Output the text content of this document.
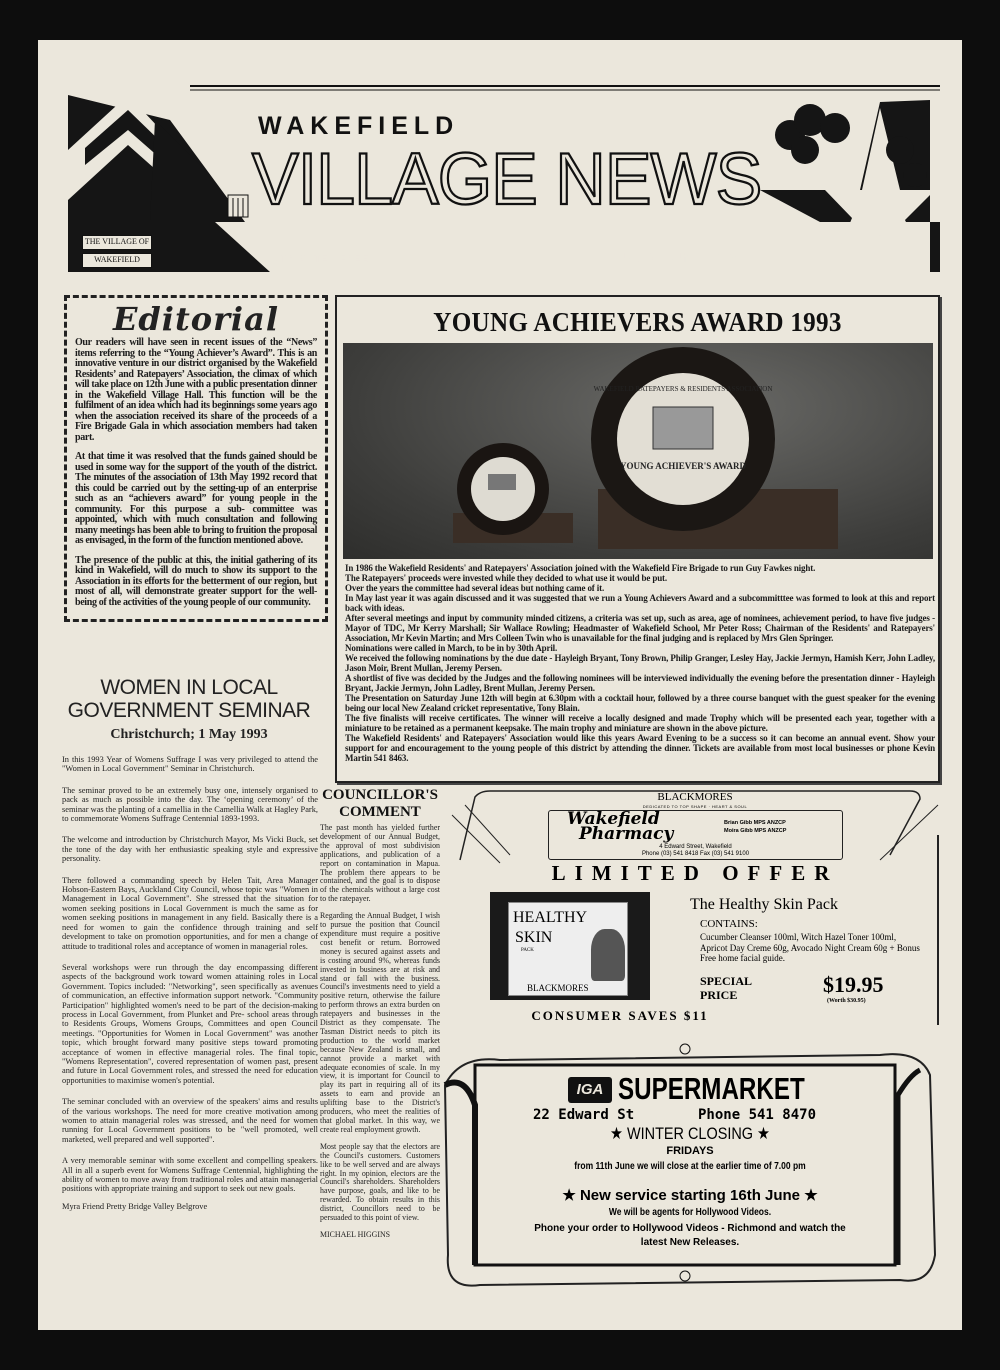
WAKEFIELD
VILLAGE NEWS
THE VILLAGE OF
WAKEFIELD	DISTRIBUTED FREE	No. 94 JUNE 1993
Editorial

Our readers will have seen in recent issues of the “News” items referring to the “Young Achiever’s Award”. This is an innovative venture in our district organised by the Wakefield Residents’ and Ratepayers’ Association, the climax of which will take place on 12th June with a public presentation dinner in the Wakefield Village Hall. This function will be the fulfilment of an idea which had its beginnings some years ago when the association received its share of the proceeds of a Fire Brigade Gala in which association members had taken part.

At that time it was resolved that the funds gained should be used in some way for the support of the youth of the district. The minutes of the association of 13th May 1992 record that this could be carried out by the setting-up of an enterprise such as an “achievers award” for young people in the community. For this purpose a sub- committee was appointed, which with much consultation and following many meetings has been able to bring to fruition the proposal as envisaged, in the form of the function mentioned above.

The presence of the public at this, the initial gathering of its kind in Wakefield, will do much to show its support to the Association in its efforts for the betterment of our region, but most of all, will demonstrate greater support for the well-being of the activities of the young people of our community.

YOUNG ACHIEVERS AWARD 1993
WAKEFIELD RATEPAYERS & RESIDENTS ASSOCIATION
YOUNG ACHIEVER'S AWARD

In 1986 the Wakefield Residents' and Ratepayers' Association joined with the Wakefield Fire Brigade to run Guy Fawkes night.

The Ratepayers' proceeds were invested while they decided to what use it would be put.

Over the years the committee had several ideas but nothing came of it.

In May last year it was again discussed and it was suggested that we run a Young Achievers Award and a subcommitttee was formed to look at this and report back with ideas.

After several meetings and input by community minded citizens, a criteria was set up, such as area, age of nominees, achievement period, to have five judges - Mayor of TDC, Mr Kerry Marshall; Sir Wallace Rowling; Headmaster of Wakefield School, Mr Peter Ross; Chairman of the Residents' and Ratepayers' Association, Mr Kevin Martin; and Mrs Colleen Twin who is unavailable for the final judging and is replaced by Mrs Glen Springer.

Nominations were called in March, to be in by 30th April.

We received the following nominations by the due date - Hayleigh Bryant, Tony Brown, Philip Granger, Lesley Hay, Jackie Jermyn, Hamish Kerr, John Ladley, Jason Moir, Brent Mullan, Jeremy Persen.

A shortlist of five was decided by the Judges and the following nominees will be interviewed individually the evening before the presentation dinner - Hayleigh Bryant, Jackie Jermyn, John Ladley, Brent Mullan, Jeremy Persen.

The Presentation on Saturday June 12th will begin at 6.30pm with a cocktail hour, followed by a three course banquet with the guest speaker for the evening being our local New Zealand cricket representative, Tony Blain.

The five finalists will receive certificates. The winner will receive a locally designed and made Trophy which will be presented each year, together with a miniature to be retained as a permanent keepsake. The main trophy and miniature are shown in the above picture.

The Wakefield Residents' and Ratepayers' Association would like this years Award Evening to be a success so it can become an annual event. Show your support for and encouragement to the young people of this district by attending the dinner. Tickets are available from most local businesses or phone Kevin Martin 541 8463.

WOMEN IN LOCAL
GOVERNMENT SEMINAR
Christchurch; 1 May 1993

In this 1993 Year of Womens Suffrage I was very privileged to attend the "Women in Local Government" Seminar in Christchurch.

The seminar proved to be an extremely busy one, intensely organised to pack as much as possible into the day. The ‘opening ceremony’ of the seminar was the planting of a camellia in the Camellia Walk at Hagley Park, to commemorate Womens Suffrage Centennial 1893-1993.

The welcome and introduction by Christchurch Mayor, Ms Vicki Buck, set the tone of the day with her enthusiastic speaking style and expressive personality.

There followed a commanding speech by Helen Tait, Area Manager Hobson-Eastern Bays, Auckland City Council, whose topic was "Women in Management in Local Government". She stressed that the situation for women seeking positions in Local Government is much the same as for women seeking positions in management in any field. Basically there is a need for women to gain the confidence through training and self development to take on promotion opportunities, and for men a change of attitude to traditional roles and acceptance of women in managerial roles.

Several workshops were run through the day encompassing different aspects of the background work toward women attaining roles in Local Government. Topics included: "Networking", seen specifically as avenues of communication, an effective information support network. "Community Participation" highlighted women's need to be part of the decision-making process in Local Government, from Plunket and Pre- school areas through to Residents Groups, Womens Groups, Committees and open Council meetings. "Opportunities for Women in Local Government" was another topic, which brought forward many positive steps toward promoting acceptance of women in effective managerial roles. The final topic, "Womens Representation", covered representation of women past, present and future in Local Government roles, and stressed the need for education opportunities to maximise women's potential.

The seminar concluded with an overview of the speakers' aims and results of the various workshops. The need for more creative motivation among women to attain managerial roles was stressed, and the need for women running for Local Government positions to be "well promoted, well marketed, well prepared and well supported".

A very memorable seminar with some excellent and compelling speakers. All in all a superb event for Womens Suffrage Centennial, highlighting the ability of women to move away from traditional roles and attain managerial positions with appropriate training and support to seek out new goals.

Myra Friend Pretty Bridge Valley Belgrove

COUNCILLOR'S COMMENT

The past month has yielded further development of our Annual Budget, the approval of most subdivision applications, and publication of a report on contamination in Mapua. The problem there appears to be contained, and the goal is to dispose of the chemicals without a large cost to the ratepayer.

Regarding the Annual Budget, I wish to pursue the position that Council expenditure must require a positive cost benefit or return. Borrowed money is secured against assets and is costing around 9%, whereas funds invested in business are at risk and stand or fall with the business. Council's investments need to yield a positive return, otherwise the failure to perform throws an extra burden on ratepayers and businesses in the District as they compensate. The Tasman District needs to pitch its production to the world market because New Zealand is small, and cannot provide a market with adequate economies of scale. In my view, it is important for Council to play its part in requiring all of its assets to earn and provide an uplifting base to the District's producers, who meet the realities of that global market. In this way, we create real employment growth.

Most people say that the electors are the Council's customers. Customers like to be well served and are always right. In my opinion, electors are the Council's shareholders. Shareholders have purpose, goals, and like to be rewarded. To obtain results in this district, Councillors need to be persuaded to this point of view.

MICHAEL HIGGINS

BLACKMORES
DEDICATED TO TOP SHAPE · HEART & SOUL
Wakefield
Pharmacy
Brian Gibb MPS ANZCP
Moira Gibb MPS ANZCP
4 Edward Street, Wakefield
Phone (03) 541 8418 Fax (03) 541 9100
LIMITED OFFER
HEALTHY
SKIN
PACK
BLACKMORES
The Healthy Skin Pack
CONTAINS:
Cucumber Cleanser 100ml, Witch Hazel Toner 100ml, Apricot Day Creme 60g, Avocado Night Cream 60g + Bonus Free home facial guide.
SPECIAL
PRICE	$19.95
(Worth $30.95)
CONSUMER SAVES $11
IGA SUPERMARKET
22 Edward St	Phone 541 8470
★ WINTER CLOSING ★
FRIDAYS
from 11th June we will close at the earlier time of 7.00 pm
★ New service starting 16th June ★
We will be agents for Hollywood Videos.
Phone your order to Hollywood Videos - Richmond and watch the latest New Releases.
